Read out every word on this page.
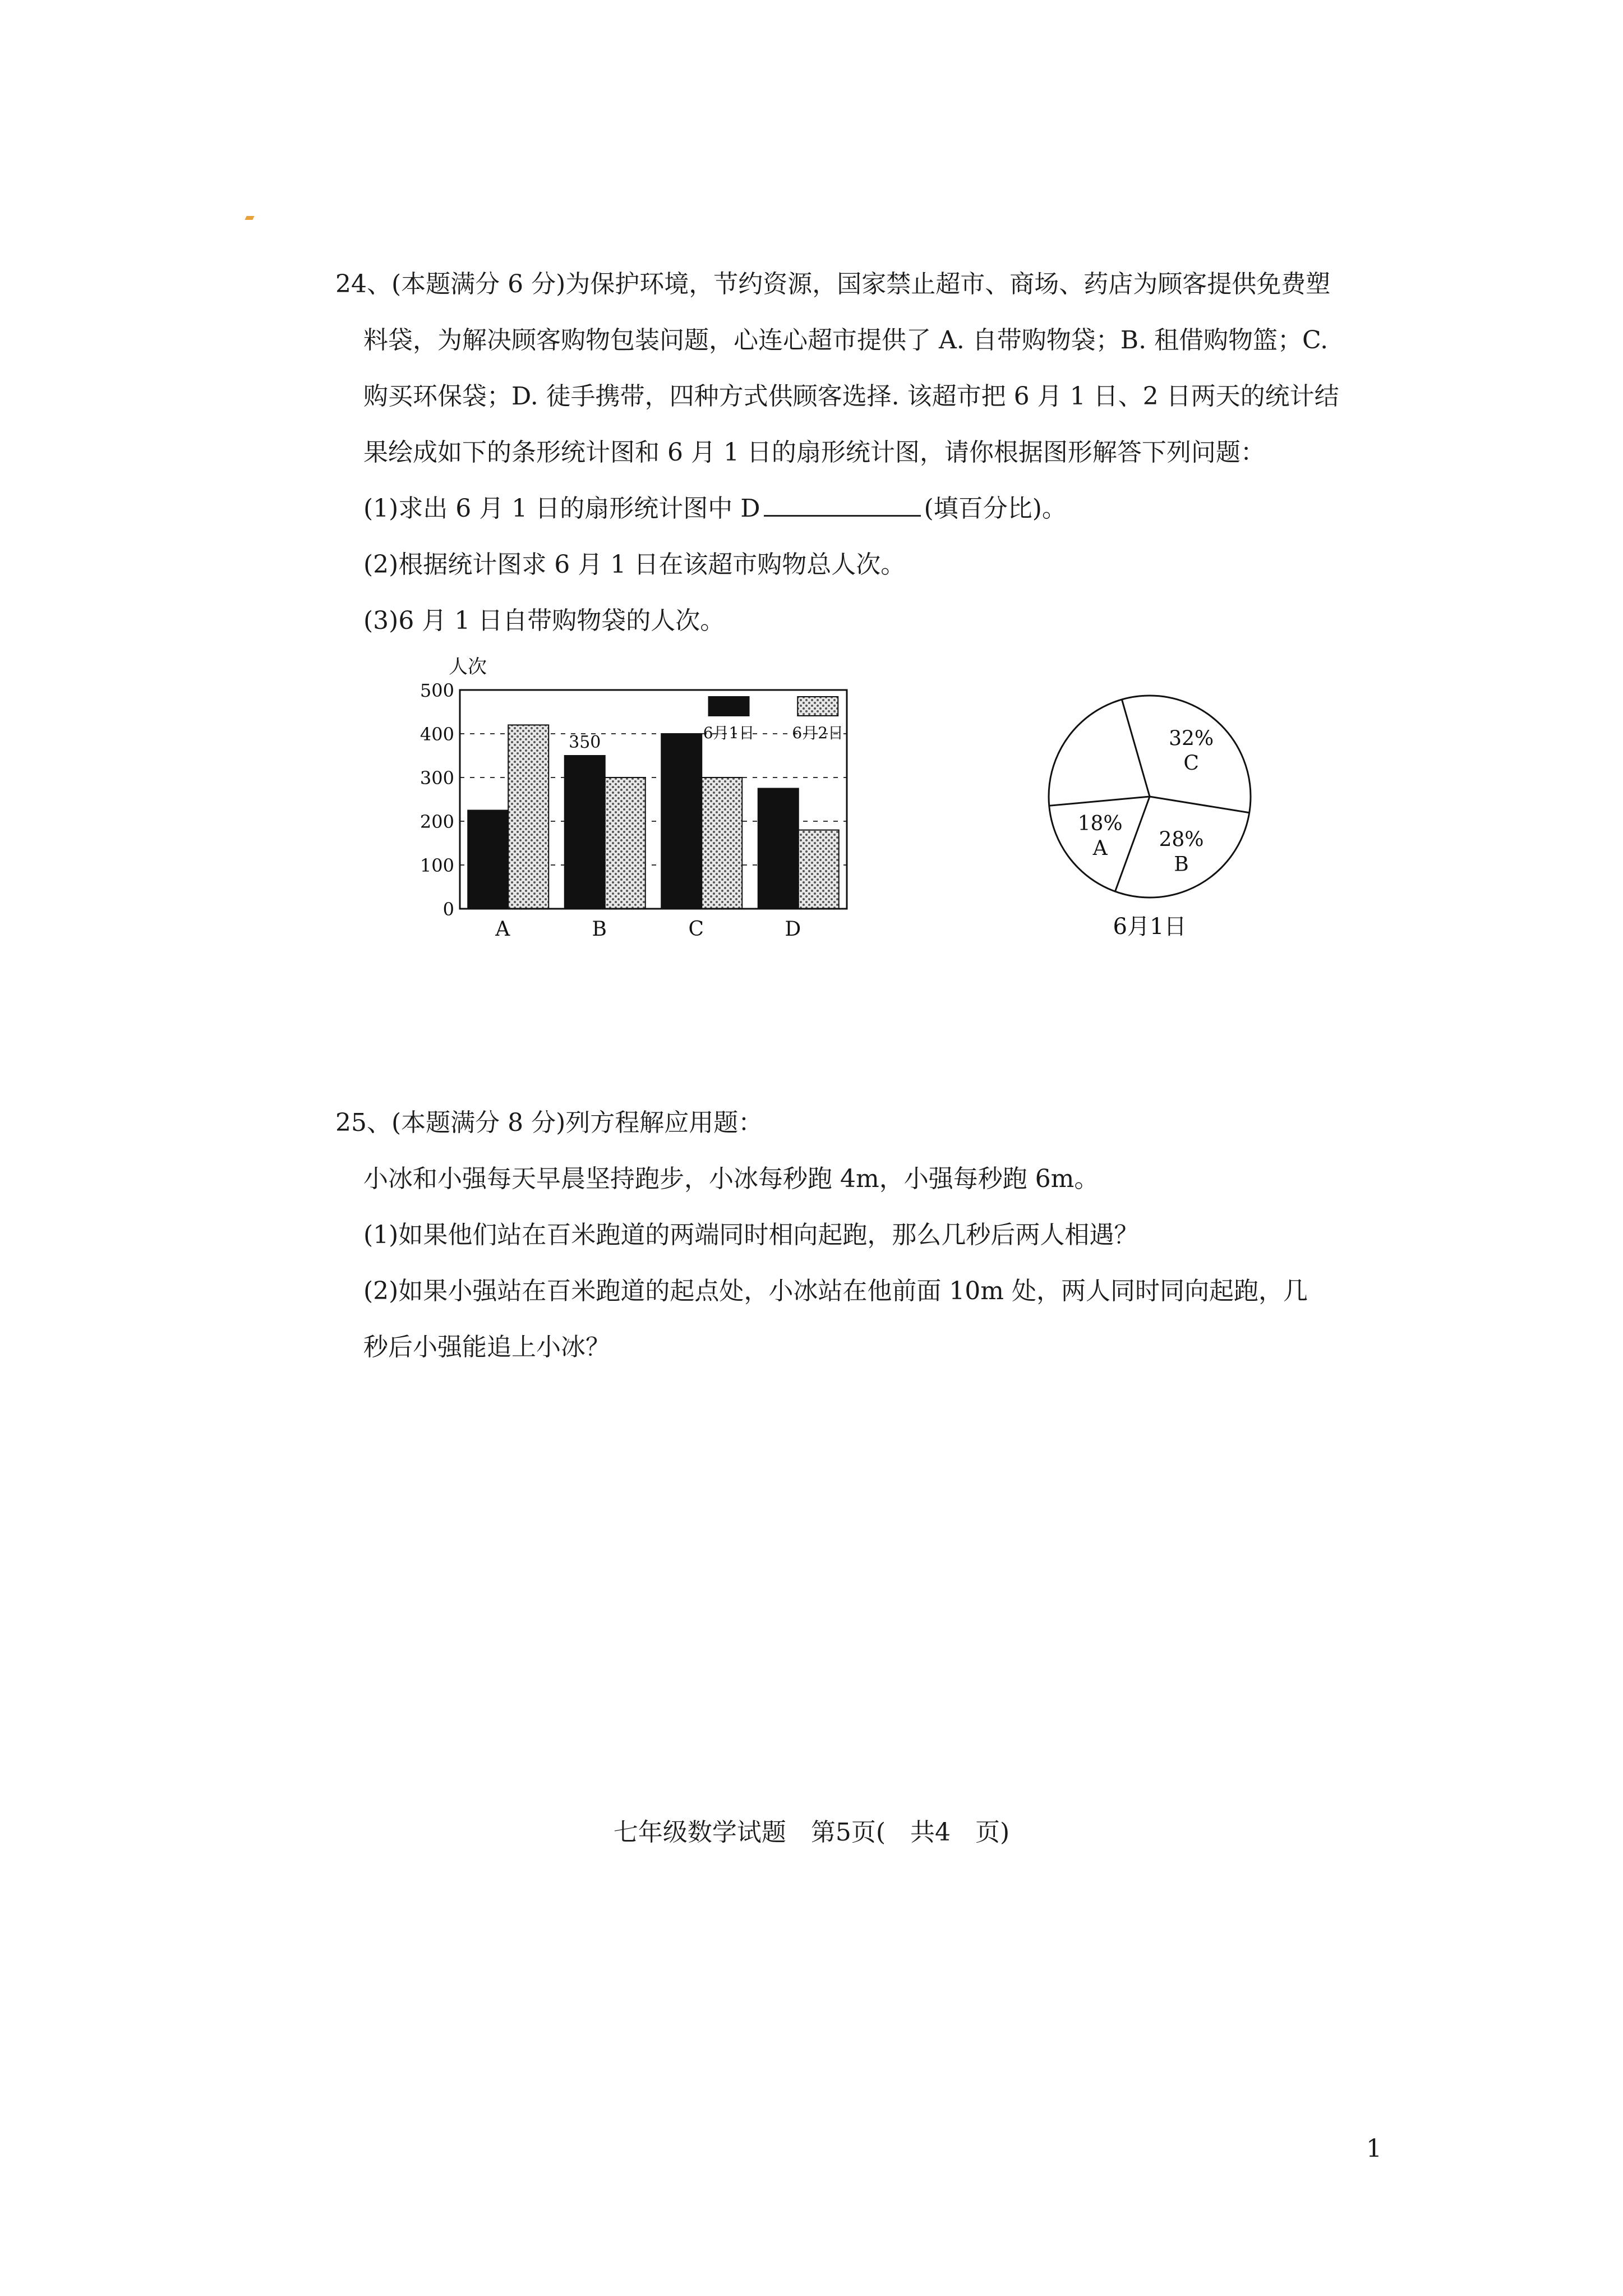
24、(本题满分 6 分)为保护环境，节约资源，国家禁止超市、商场、药店为顾客提供免费塑
料袋，为解决顾客购物包装问题，心连心超市提供了 A. 自带购物袋；B. 租借购物篮；C.
购买环保袋；D. 徒手携带，四种方式供顾客选择. 该超市把 6 月 1 日、2 日两天的统计结
果绘成如下的条形统计图和 6 月 1 日的扇形统计图，请你根据图形解答下列问题：
(1)求出 6 月 1 日的扇形统计图中 D	(填百分比)。
(2)根据统计图求 6 月 1 日在该超市购物总人次。
(3)6 月 1 日自带购物袋的人次。
人次
0
100
200
300
400
500
A	B	C	D
6月1日 6月2日
350
18%
A
32%
C
28%
B
6月1日
25、(本题满分 8 分)列方程解应用题：
小冰和小强每天早晨坚持跑步，小冰每秒跑 4m，小强每秒跑 6m。
(1)如果他们站在百米跑道的两端同时相向起跑，那么几秒后两人相遇？
(2)如果小强站在百米跑道的起点处，小冰站在他前面 10m 处，两人同时同向起跑，几
秒后小强能追上小冰？
七年级数学试题　第5页(　共4　页)
1
